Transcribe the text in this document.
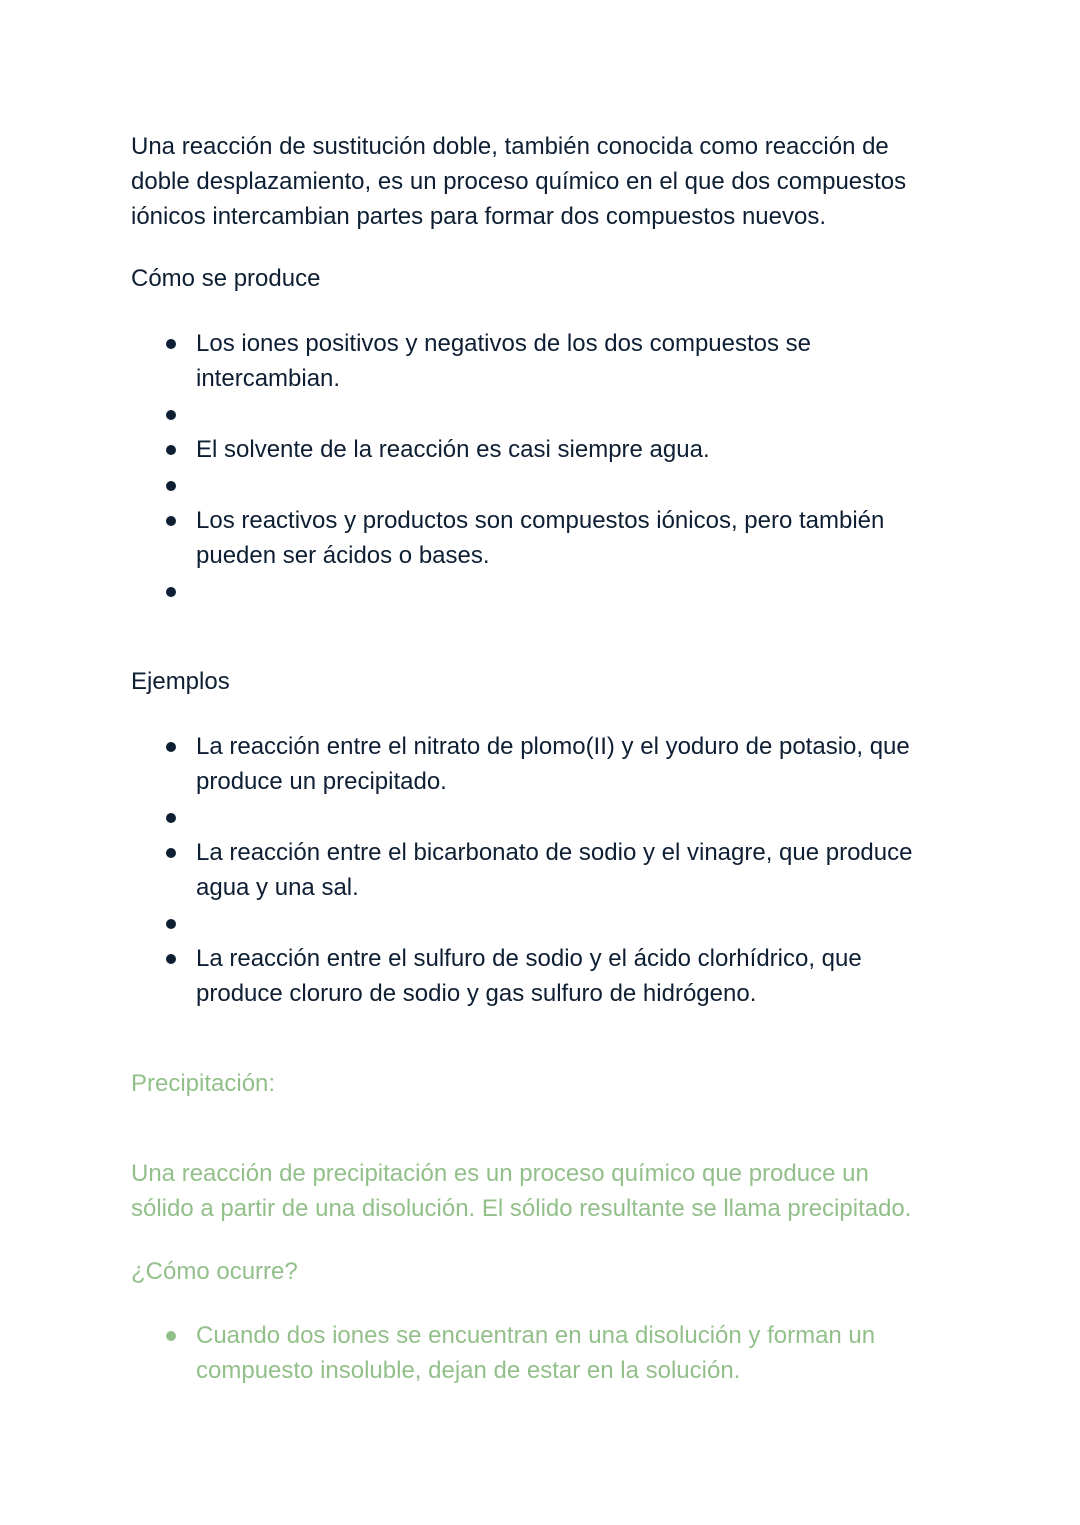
Una reacción de sustitución doble, también conocida como reacción de

doble desplazamiento, es un proceso químico en el que dos compuestos

iónicos intercambian partes para formar dos compuestos nuevos.

Cómo se produce

Los iones positivos y negativos de los dos compuestos se

intercambian.

El solvente de la reacción es casi siempre agua.

Los reactivos y productos son compuestos iónicos, pero también

pueden ser ácidos o bases.

Ejemplos

La reacción entre el nitrato de plomo(II) y el yoduro de potasio, que

produce un precipitado.

La reacción entre el bicarbonato de sodio y el vinagre, que produce

agua y una sal.

La reacción entre el sulfuro de sodio y el ácido clorhídrico, que

produce cloruro de sodio y gas sulfuro de hidrógeno.

Precipitación:

Una reacción de precipitación es un proceso químico que produce un

sólido a partir de una disolución. El sólido resultante se llama precipitado.

¿Cómo ocurre?

Cuando dos iones se encuentran en una disolución y forman un

compuesto insoluble, dejan de estar en la solución.
